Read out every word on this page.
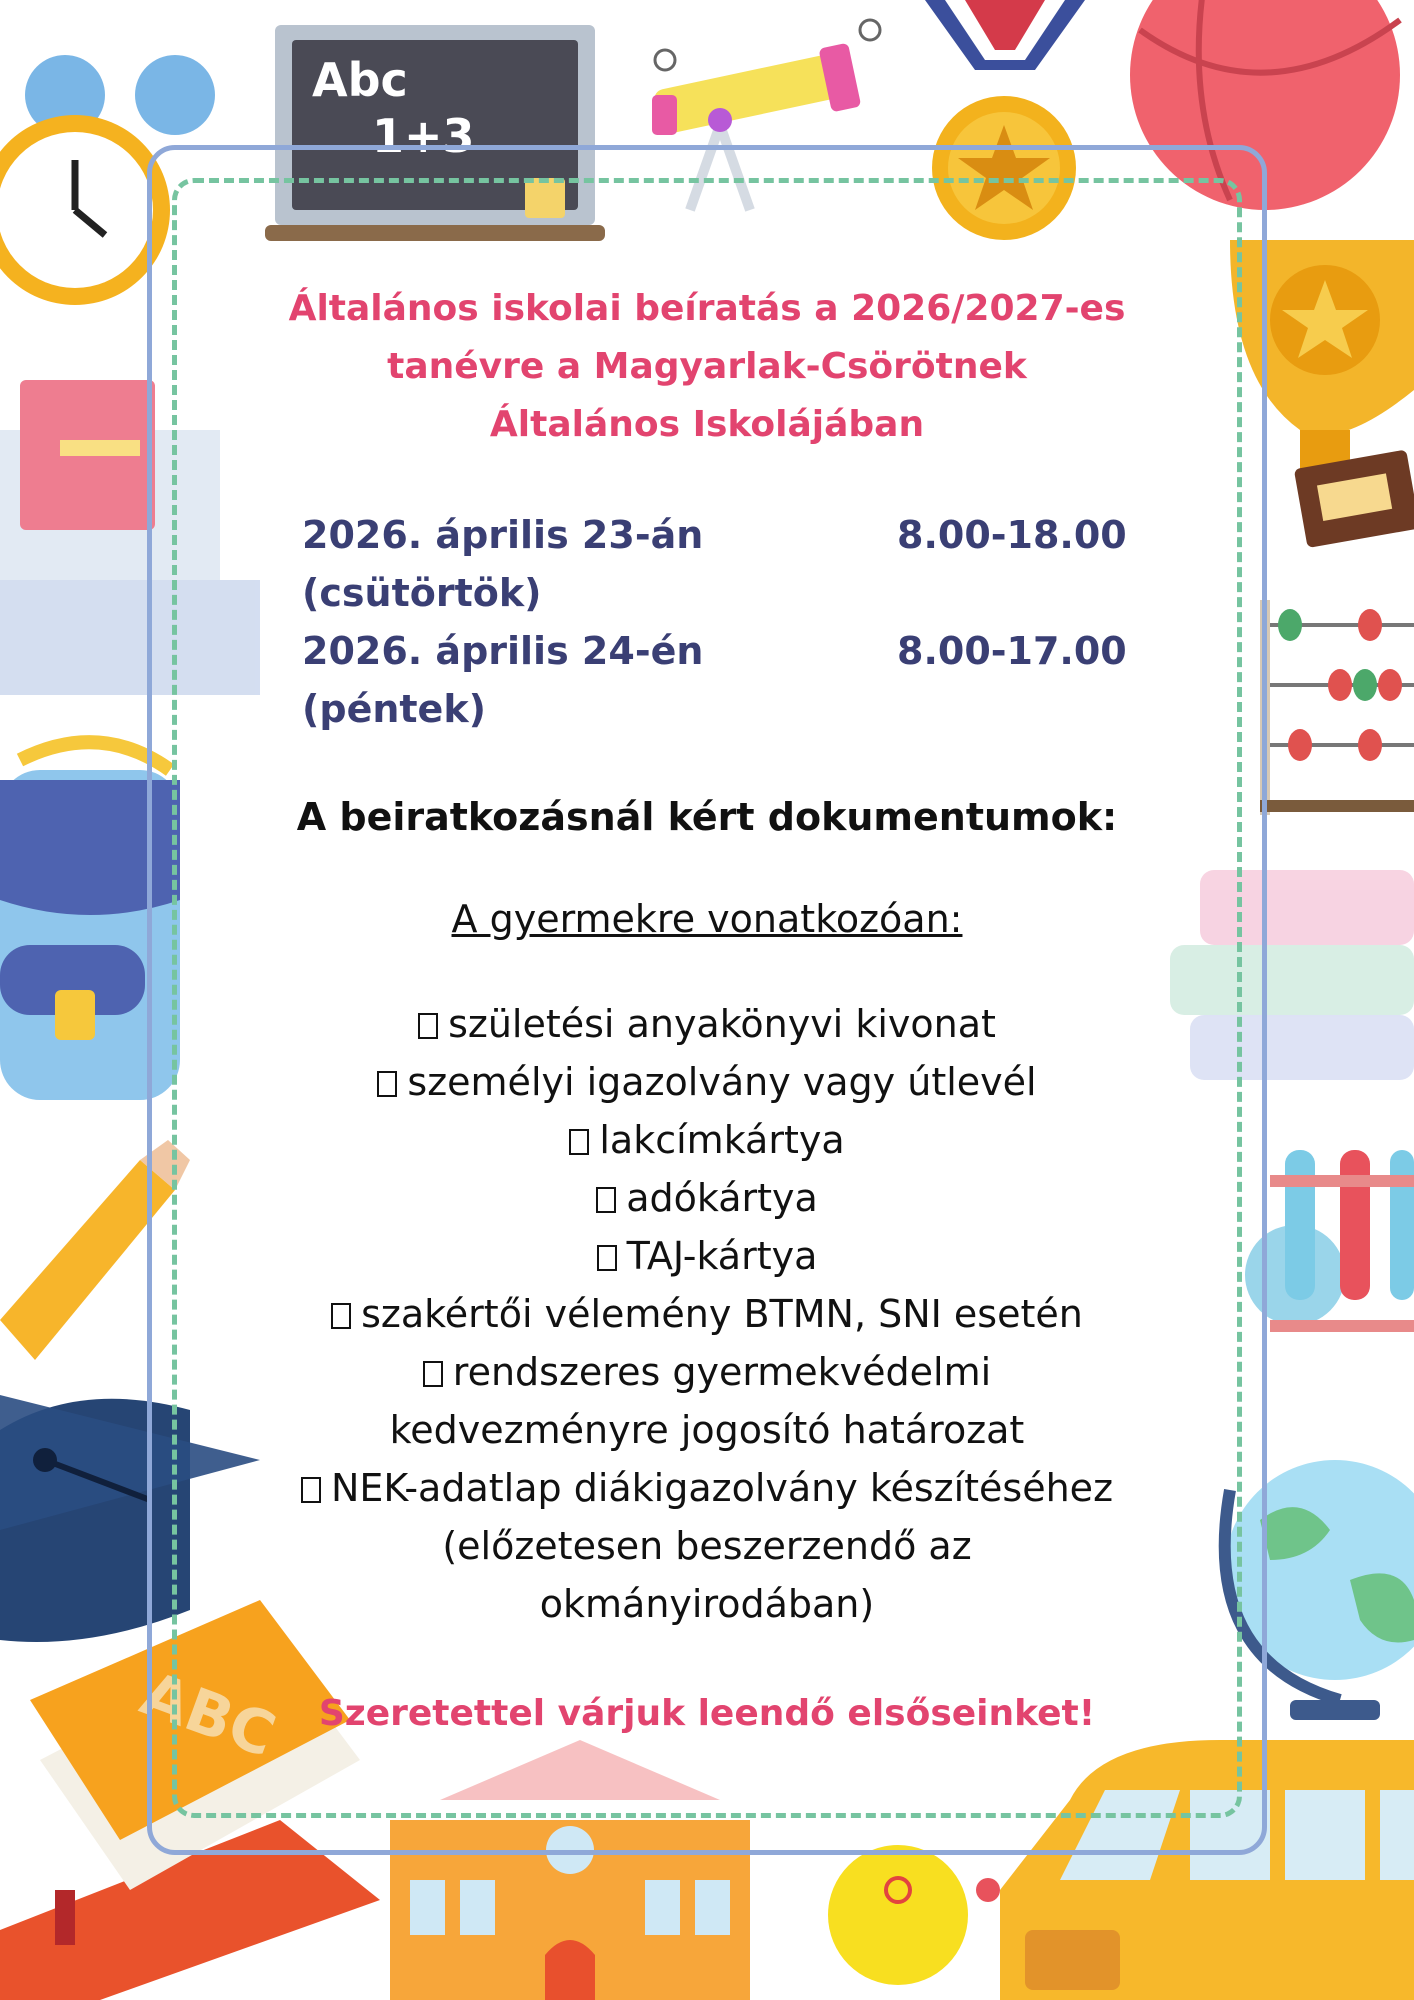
Abc
1+3
ABC
Általános iskolai beíratás a 2026/2027-es
tanévre a Magyarlak-Csörötnek
Általános Iskolájában
2026. április 23-án (csütörtök)
8.00-18.00
2026. április 24-én (péntek)
8.00-17.00
A beiratkozásnál kért dokumentumok:
A gyermekre vonatkozóan:
születési anyakönyvi kivonat
személyi igazolvány vagy útlevél
lakcímkártya
adókártya
TAJ-kártya
szakértői vélemény BTMN, SNI esetén
rendszeres gyermekvédelmi
kedvezményre jogosító határozat
NEK-adatlap diákigazolvány készítéséhez
(előzetesen beszerzendő az
okmányirodában)
Szeretettel várjuk leendő elsőseinket!
